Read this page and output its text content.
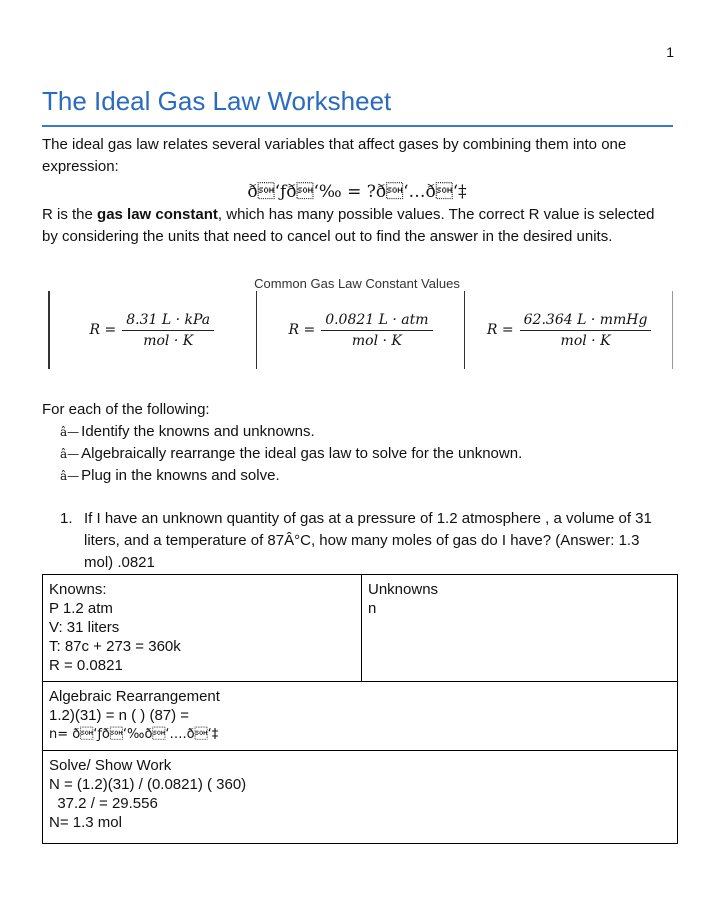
1
The Ideal Gas Law Worksheet
The ideal gas law relates several variables that affect gases by combining them into one expression:
ð‘ƒð‘‰ = ?ð‘…ð‘‡
R is the gas law constant, which has many possible values. The correct R value is selected by considering the units that need to cancel out to find the answer in the desired units.
Common Gas Law Constant Values
$R = \frac{\text{8.31 L · kPa}}{\text{mol · K}}$	$R = \frac{\text{0.0821 L · atm}}{\text{mol · K}}$	$R = \frac{\text{62.364 L · mmHg}}{\text{mol · K}}$
For each of the following:
â— Identify the knowns and unknowns.
â— Algebraically rearrange the ideal gas law to solve for the unknown.
â— Plug in the knowns and solve.
1. If I have an unknown quantity of gas at a pressure of 1.2 atmosphere , a volume of 31 liters, and a temperature of 87Â°C, how many moles of gas do I have? (Answer: 1.3 mol) .0821
Knowns:
P 1.2 atm
V: 31 liters
T: 87c + 273 = 360k
R = 0.0821

Unknowns
n

Algebraic Rearrangement
1.2)(31) = n ( ) (87) =
n= ð‘ƒð‘‰ð‘….ð‘‡

Solve/ Show Work
N = (1.2)(31) / (0.0821) ( 360)
37.2 / = 29.556
N= 1.3 mol
